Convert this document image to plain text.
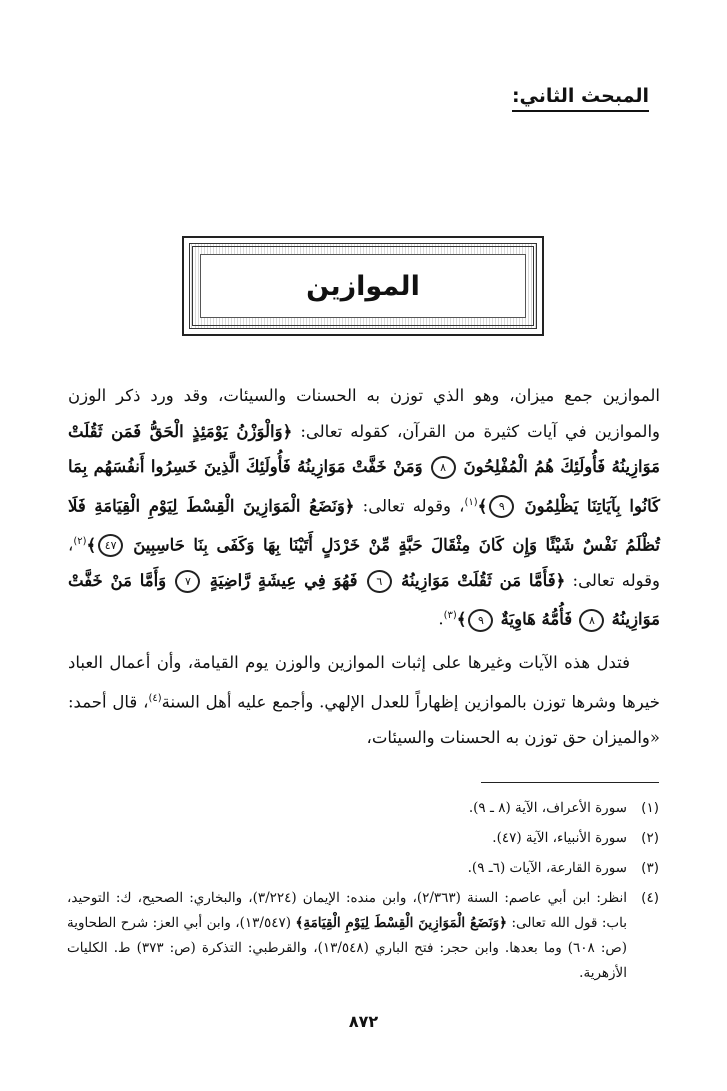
المبحث الثاني:
الموازين

الموازين جمع ميزان، وهو الذي توزن به الحسنات والسيئات، وقد ورد ذكر الوزن والموازين في آيات كثيرة من القرآن، كقوله تعالى: ﴿وَالْوَزْنُ يَوْمَئِذٍ الْحَقُّ فَمَن ثَقُلَتْ مَوَازِينُهُ فَأُولَئِكَ هُمُ الْمُفْلِحُونَ ٨ وَمَنْ خَفَّتْ مَوَازِينُهُ فَأُولَئِكَ الَّذِينَ خَسِرُوا أَنفُسَهُم بِمَا كَانُوا بِآيَاتِنَا يَظْلِمُونَ ٩﴾$^{(١)}$، وقوله تعالى: ﴿وَنَضَعُ الْمَوَازِينَ الْقِسْطَ لِيَوْمِ الْقِيَامَةِ فَلَا تُظْلَمُ نَفْسٌ شَيْئًا وَإِن كَانَ مِثْقَالَ حَبَّةٍ مِّنْ خَرْدَلٍ أَتَيْنَا بِهَا وَكَفَى بِنَا حَاسِبِينَ ٤٧﴾$^{(٢)}$، وقوله تعالى: ﴿فَأَمَّا مَن ثَقُلَتْ مَوَازِينُهُ ٦ فَهُوَ فِي عِيشَةٍ رَّاضِيَةٍ ٧ وَأَمَّا مَنْ خَفَّتْ مَوَازِينُهُ ٨ فَأُمُّهُ هَاوِيَةٌ ٩﴾$^{(٣)}$.

فتدل هذه الآيات وغيرها على إثبات الموازين والوزن يوم القيامة، وأن أعمال العباد خيرها وشرها توزن بالموازين إظهاراً للعدل الإلهي. وأجمع عليه أهل السنة$^{(٤)}$، قال أحمد: «والميزان حق توزن به الحسنات والسيئات،

(١)
سورة الأعراف، الآية (٨ ـ ٩).
(٢)
سورة الأنبياء، الآية (٤٧).
(٣)
سورة القارعة، الآيات (٦ـ ٩).
(٤)
انظر: ابن أبي عاصم: السنة (٢/٣٦٣)، وابن منده: الإيمان (٣/٢٢٤)، والبخاري: الصحيح، ك: التوحيد، باب: قول الله تعالى: ﴿وَنَضَعُ الْمَوَازِينَ الْقِسْطَ لِيَوْمِ الْقِيَامَةِ﴾ (١٣/٥٤٧)، وابن أبي العز: شرح الطحاوية (ص: ٦٠٨) وما بعدها. وابن حجر: فتح الباري (١٣/٥٤٨)، والقرطبي: التذكرة (ص: ٣٧٣) ط. الكليات الأزهرية.
٨٧٢
